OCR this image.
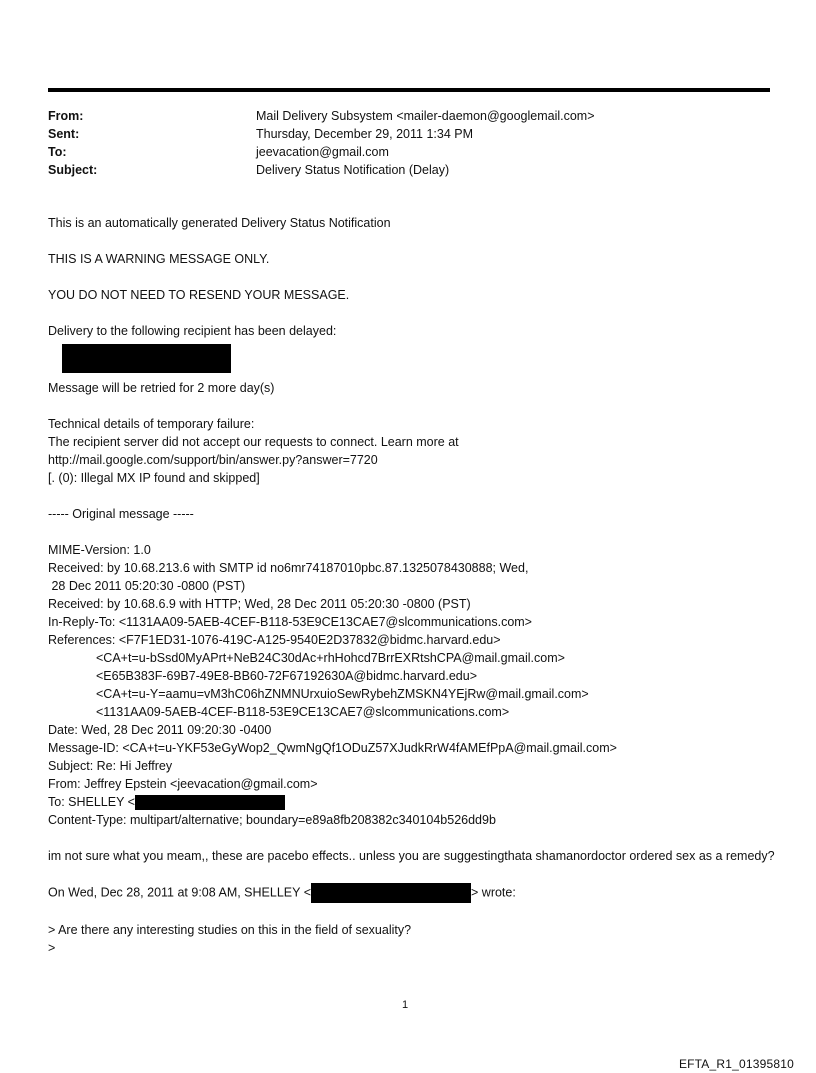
From:	Mail Delivery Subsystem <mailer-daemon@googlemail.com>
Sent:	Thursday, December 29, 2011 1:34 PM
To:	jeevacation@gmail.com
Subject:	Delivery Status Notification (Delay)
This is an automatically generated Delivery Status Notification
THIS IS A WARNING MESSAGE ONLY.
YOU DO NOT NEED TO RESEND YOUR MESSAGE.
Delivery to the following recipient has been delayed:
Message will be retried for 2 more day(s)
Technical details of temporary failure:
The recipient server did not accept our requests to connect. Learn more at
http://mail.google.com/support/bin/answer.py?answer=7720
[. (0): Illegal MX IP found and skipped]
----- Original message -----
MIME-Version: 1.0
Received: by 10.68.213.6 with SMTP id no6mr74187010pbc.87.1325078430888; Wed,
28 Dec 2011 05:20:30 -0800 (PST)
Received: by 10.68.6.9 with HTTP; Wed, 28 Dec 2011 05:20:30 -0800 (PST)
In-Reply-To: <1131AA09-5AEB-4CEF-B118-53E9CE13CAE7@slcommunications.com>
References: <F7F1ED31-1076-419C-A125-9540E2D37832@bidmc.harvard.edu>
<CA+t=u-bSsd0MyAPrt+NeB24C30dAc+rhHohcd7BrrEXRtshCPA@mail.gmail.com>
<E65B383F-69B7-49E8-BB60-72F67192630A@bidmc.harvard.edu>
<CA+t=u-Y=aamu=vM3hC06hZNMNUrxuioSewRybehZMSKN4YEjRw@mail.gmail.com>
<1131AA09-5AEB-4CEF-B118-53E9CE13CAE7@slcommunications.com>
Date: Wed, 28 Dec 2011 09:20:30 -0400
Message-ID: <CA+t=u-YKF53eGyWop2_QwmNgQf1ODuZ57XJudkRrW4fAMEfPpA@mail.gmail.com>
Subject: Re: Hi Jeffrey
From: Jeffrey Epstein <jeevacation@gmail.com>
To: SHELLEY <
Content-Type: multipart/alternative; boundary=e89a8fb208382c340104b526dd9b
im not sure what you meam,, these are pacebo effects.. unless you are suggestingthata shamanordoctor ordered sex as a remedy?
On Wed, Dec 28, 2011 at 9:08 AM, SHELLEY <	> wrote:
> Are there any interesting studies on this in the field of sexuality?
>
1
EFTA_R1_01395810
